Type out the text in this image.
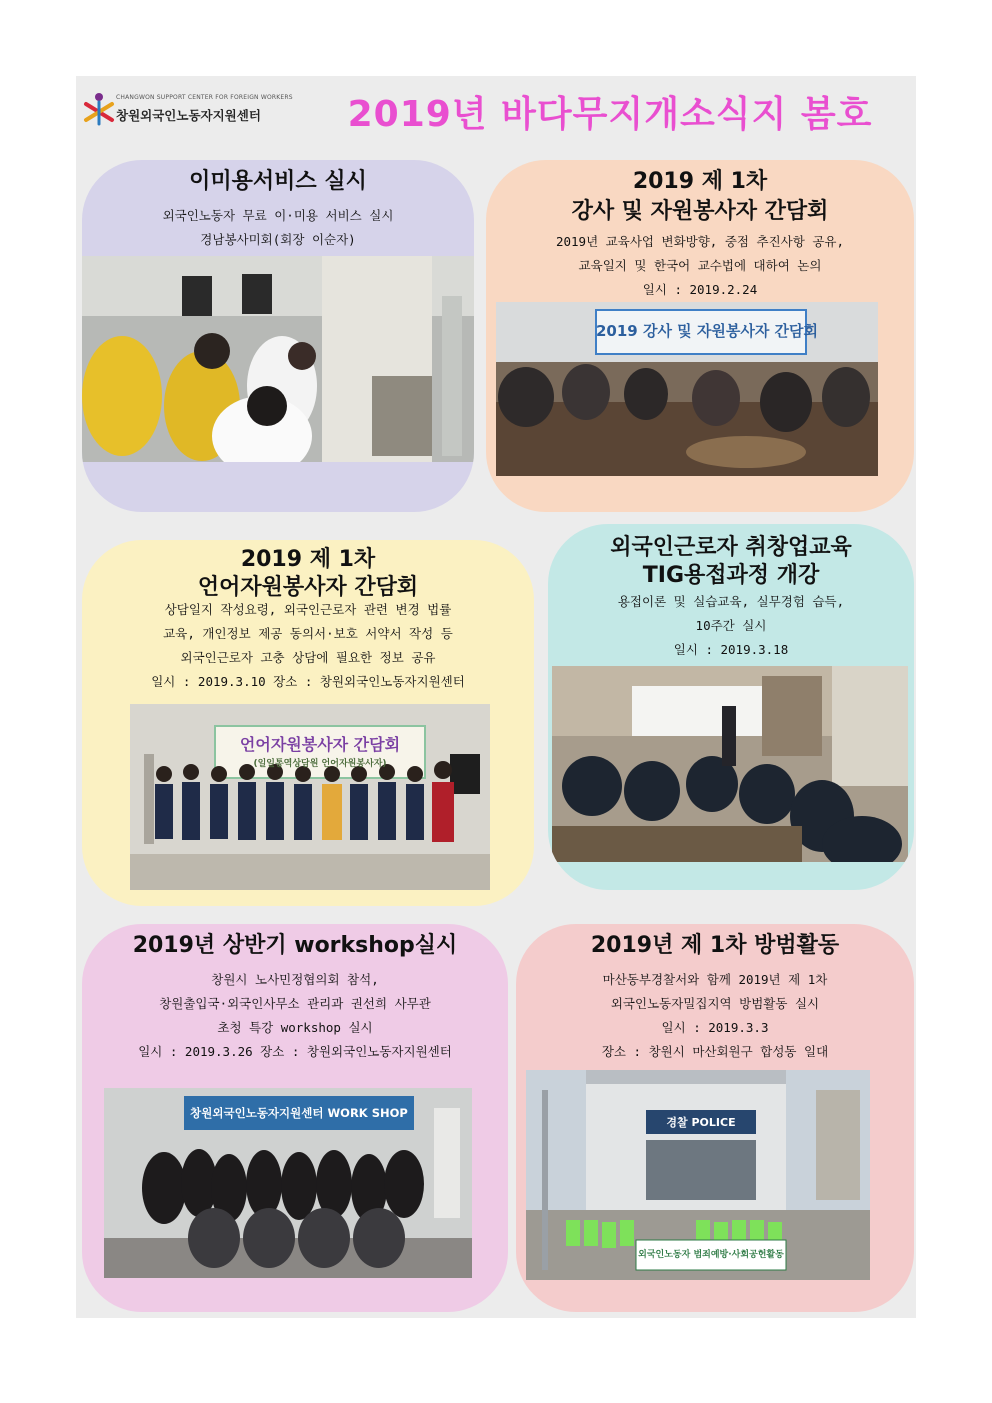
CHANGWON SUPPORT CENTER FOR FOREIGN WORKERS
창원외국인노동자지원센터	2019년 바다무지개소식지 봄호
이미용서비스 실시
외국인노동자 무료 이·미용 서비스 실시
경남봉사미회(회장 이순자)
2019 제 1차
강사 및 자원봉사자 간담회
2019년 교육사업 변화방향, 중점 추진사항 공유,
교육일지 및 한국어 교수법에 대하여 논의
일시 : 2019.2.24
2019 강사 및 자원봉사자 간담회
2019 제 1차
언어자원봉사자 간담회
상담일지 작성요령, 외국인근로자 관련 변경 법률
교육, 개인정보 제공 동의서·보호 서약서 작성 등
외국인근로자 고충 상담에 필요한 정보 공유
일시 : 2019.3.10 장소 : 창원외국인노동자지원센터
언어자원봉사자 간담회
(일일통역상담원 언어자원봉사자)
외국인근로자 취창업교육
TIG용접과정 개강
용접이론 및 실습교육, 실무경험 습득,
10주간 실시
일시 : 2019.3.18
2019년 상반기 workshop실시
창원시 노사민정협의회 참석,
창원출입국·외국인사무소 관리과 권선희 사무관
초청 특강 workshop 실시
일시 : 2019.3.26 장소 : 창원외국인노동자지원센터
창원외국인노동자지원센터 WORK SHOP
2019년 제 1차 방범활동
마산동부경찰서와 함께 2019년 제 1차
외국인노동자밀집지역 방범활동 실시
일시 : 2019.3.3
장소 : 창원시 마산회원구 합성동 일대
경찰 POLICE
외국인노동자 범죄예방·사회공헌활동
